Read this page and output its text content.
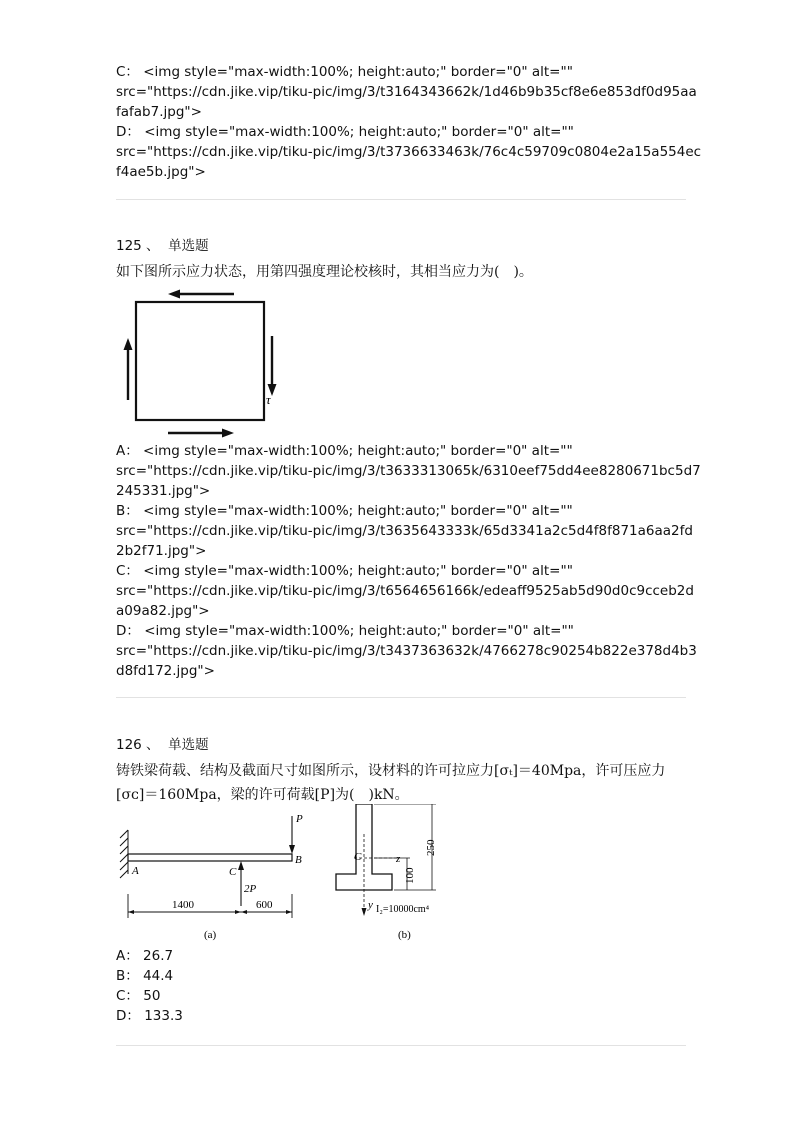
C： <img style="max-width:100%; height:auto;" border="0" alt=""
src="https://cdn.jike.vip/tiku-pic/img/3/t3164343662k/1d46b9b35cf8e6e853df0d95aa
fafab7.jpg">
D： <img style="max-width:100%; height:auto;" border="0" alt=""
src="https://cdn.jike.vip/tiku-pic/img/3/t3736633463k/76c4c59709c0804e2a15a554ec
f4ae5b.jpg">
125 、 单选题
如下图所示应力状态，用第四强度理论校核时，其相当应力为(　)。
τ
A： <img style="max-width:100%; height:auto;" border="0" alt=""
src="https://cdn.jike.vip/tiku-pic/img/3/t3633313065k/6310eef75dd4ee8280671bc5d7
245331.jpg">
B： <img style="max-width:100%; height:auto;" border="0" alt=""
src="https://cdn.jike.vip/tiku-pic/img/3/t3635643333k/65d3341a2c5d4f8f871a6aa2fd
2b2f71.jpg">
C： <img style="max-width:100%; height:auto;" border="0" alt=""
src="https://cdn.jike.vip/tiku-pic/img/3/t6564656166k/edeaff9525ab5d90d0c9cceb2d
a09a82.jpg">
D： <img style="max-width:100%; height:auto;" border="0" alt=""
src="https://cdn.jike.vip/tiku-pic/img/3/t3437363632k/4766278c90254b822e378d4b3
d8fd172.jpg">
126 、 单选题
铸铁梁荷载、结构及截面尺寸如图所示，设材料的许可拉应力[σₜ]＝40Mpa，许可压应力
[σᴄ]＝160Mpa，梁的许可荷载[P]为(　)kN。
P
B
A	C
2P
1400	600
(a)
C	z
y
250
100
I₂=10000cm⁴
(b)
A： 26.7
B： 44.4
C： 50
D： 133.3
